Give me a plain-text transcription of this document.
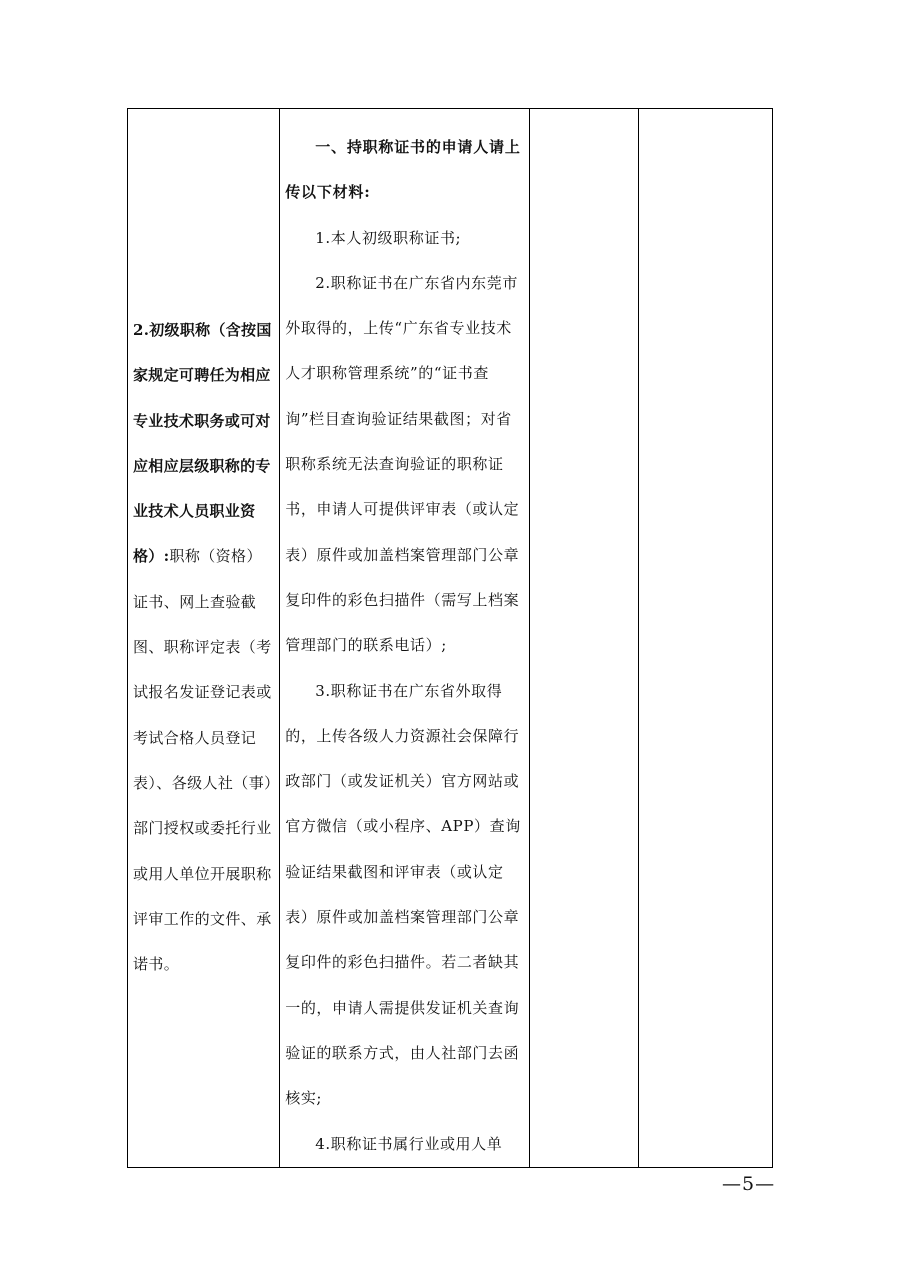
2.初级职称（含按国家规定可聘任为相应专业技术职务或可对应相应层级职称的专业技术人员职业资格）:职称（资格）证书、网上查验截图、职称评定表（考试报名发证登记表或考试合格人员登记表）、各级人社（事）部门授权或委托行业或用人单位开展职称评审工作的文件、承诺书。

一、持职称证书的申请人请上传以下材料:

1.本人初级职称证书;

2.职称证书在广东省内东莞市外取得的，上传“广东省专业技术人才职称管理系统”的“证书查询”栏目查询验证结果截图；对省职称系统无法查询验证的职称证书，申请人可提供评审表（或认定表）原件或加盖档案管理部门公章复印件的彩色扫描件（需写上档案管理部门的联系电话）;

3.职称证书在广东省外取得的，上传各级人力资源社会保障行政部门（或发证机关）官方网站或官方微信（或小程序、APP）查询验证结果截图和评审表（或认定表）原件或加盖档案管理部门公章复印件的彩色扫描件。若二者缺其一的，申请人需提供发证机关查询验证的联系方式，由人社部门去函核实;

4.职称证书属行业或用人单

—5—
